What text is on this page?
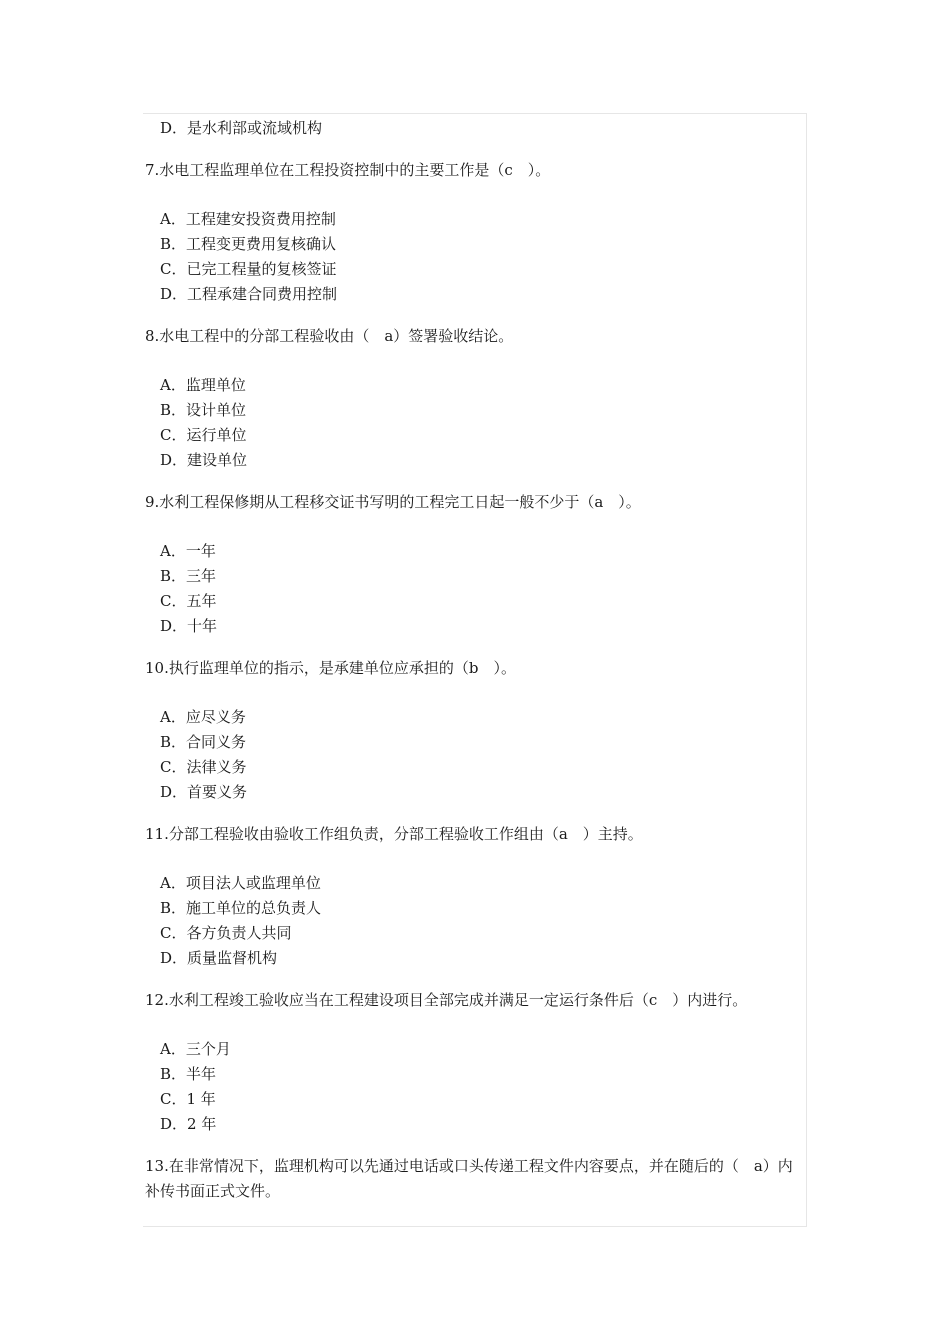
D．是水利部或流域机构

7.水电工程监理单位在工程投资控制中的主要工作是（c　）。

A．工程建安投资费用控制
B．工程变更费用复核确认
C．已完工程量的复核签证
D．工程承建合同费用控制

8.水电工程中的分部工程验收由（　a）签署验收结论。

A．监理单位
B．设计单位
C．运行单位
D．建设单位

9.水利工程保修期从工程移交证书写明的工程完工日起一般不少于（a　）。

A．一年
B．三年
C．五年
D．十年

10.执行监理单位的指示，是承建单位应承担的（b　）。

A．应尽义务
B．合同义务
C．法律义务
D．首要义务

11.分部工程验收由验收工作组负责，分部工程验收工作组由（a　）主持。

A．项目法人或监理单位
B．施工单位的总负责人
C．各方负责人共同
D．质量监督机构

12.水利工程竣工验收应当在工程建设项目全部完成并满足一定运行条件后（c　）内进行。

A．三个月
B．半年
C．1 年
D．2 年

13.在非常情况下，监理机构可以先通过电话或口头传递工程文件内容要点，并在随后的（　a）内补传书面正式文件。
